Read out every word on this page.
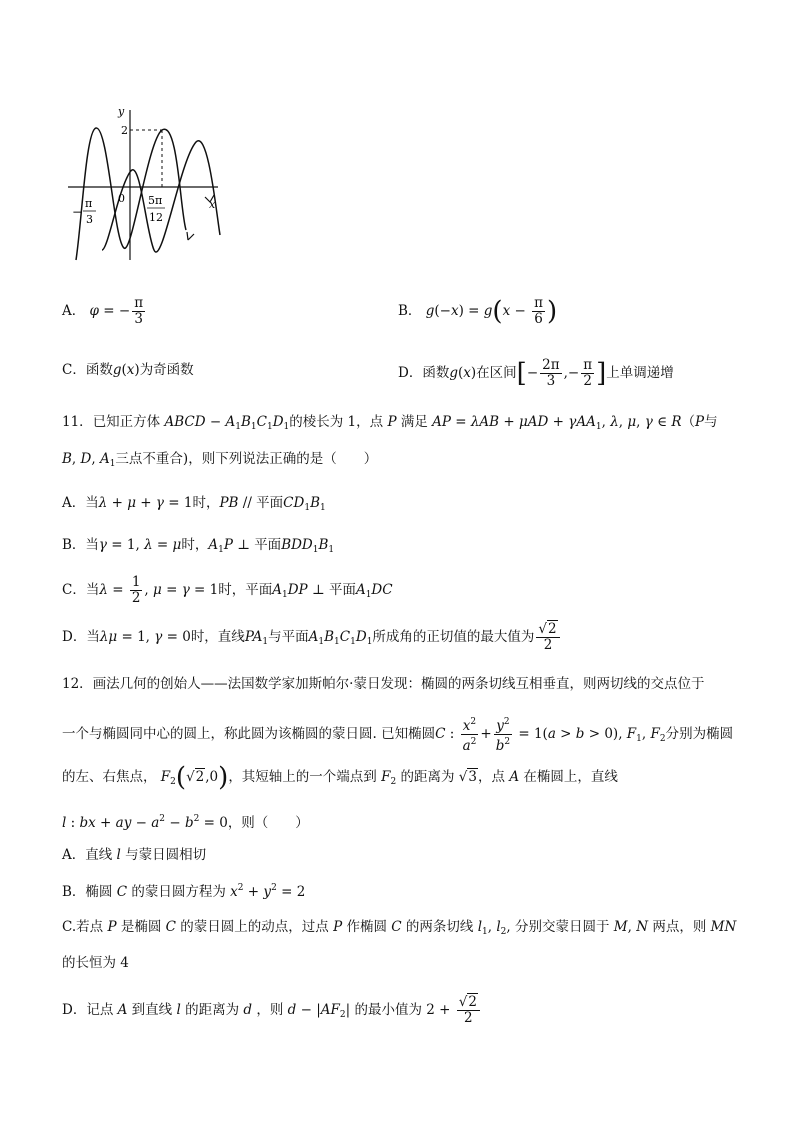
y
x
2
0
−
π
3
5π
12
A． φ = − $\frac{\pi}{3}$	B． $g(-x) = g(x - \frac{\pi}{6}$ )
C．函数g(x)为奇函数	D．函数g(x)在区间[− $\frac{2\pi}{3}$ ,− $\frac{\pi}{2}$ ]上单调递增
11．已知正方体 ABCD − $A_1B_1C_1D_1$的棱长为 1，点 P 满足 AP = λAB + μAD + γAA$_1$, λ, μ, γ ∈ R（P与
B, D, $A_1$三点不重合)，则下列说法正确的是（　　）
A．当λ + μ + γ = 1时，PB // 平面$CD_1B_1$
B．当γ = 1, λ = μ时，$A_1P$ ⊥ 平面$BDD_1B_1$
C．当$\lambda = \frac{1}{2}$ , μ = γ = 1时，平面$A_1DP$ ⊥ 平面$A_1DC$
D．当λμ = 1, γ = 0时，直线$PA_1$与平面$A_1B_1C_1D_1$所成角的正切值的最大值为 $\frac{√2}{2}$
12．画法几何的创始人——法国数学家加斯帕尔·蒙日发现：椭圆的两条切线互相垂直，则两切线的交点位于
一个与椭圆同中心的圆上，称此圆为该椭圆的蒙日圆. 已知椭圆C : $\frac{x^2}{a^2} + \frac{y^2}{b^2} = 1(a > b > 0)$, $F_1$, $F_2$分别为椭圆
的左、右焦点， $F_2(√2,0)$，其短轴上的一个端点到 $F_2$ 的距离为 √3，点 A 在椭圆上，直线
l : bx + ay − $a^2 - b^2 = 0$，则（　　）
A．直线 l 与蒙日圆相切
B．椭圆 C 的蒙日圆方程为 $x^2 + y^2 = 2$
C.若点 P 是椭圆 C 的蒙日圆上的动点，过点 P 作椭圆 C 的两条切线 $l_1$, $l_2$, 分别交蒙日圆于 M, N 两点，则 MN
的长恒为 4
D．记点 A 到直线 l 的距离为 d ，则 $d - |AF_2|$ 的最小值为 $2 + \frac{√2}{2}$
